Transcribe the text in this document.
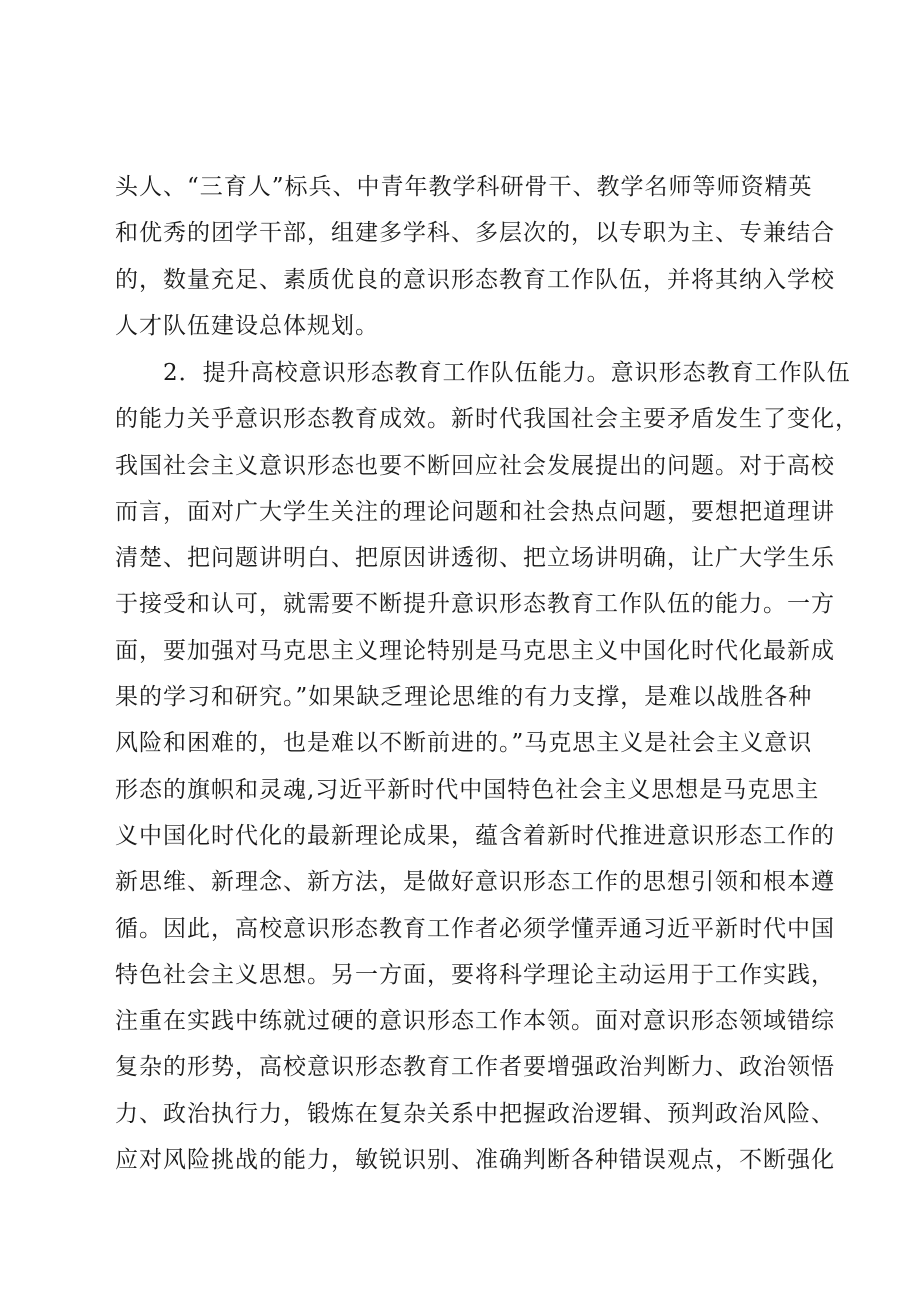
头人、“三育人”标兵、中青年教学科研骨干、教学名师等师资精英
和优秀的团学干部，组建多学科、多层次的，以专职为主、专兼结合
的，数量充足、素质优良的意识形态教育工作队伍，并将其纳入学校
人才队伍建设总体规划。
　　2．提升高校意识形态教育工作队伍能力。意识形态教育工作队伍
的能力关乎意识形态教育成效。新时代我国社会主要矛盾发生了变化，
我国社会主义意识形态也要不断回应社会发展提出的问题。对于高校
而言，面对广大学生关注的理论问题和社会热点问题，要想把道理讲
清楚、把问题讲明白、把原因讲透彻、把立场讲明确，让广大学生乐
于接受和认可，就需要不断提升意识形态教育工作队伍的能力。一方
面，要加强对马克思主义理论特别是马克思主义中国化时代化最新成
果的学习和研究。”如果缺乏理论思维的有力支撑，是难以战胜各种
风险和困难的，也是难以不断前进的。”马克思主义是社会主义意识
形态的旗帜和灵魂,习近平新时代中国特色社会主义思想是马克思主
义中国化时代化的最新理论成果，蕴含着新时代推进意识形态工作的
新思维、新理念、新方法，是做好意识形态工作的思想引领和根本遵
循。因此，高校意识形态教育工作者必须学懂弄通习近平新时代中国
特色社会主义思想。另一方面，要将科学理论主动运用于工作实践，
注重在实践中练就过硬的意识形态工作本领。面对意识形态领域错综
复杂的形势，高校意识形态教育工作者要增强政治判断力、政治领悟
力、政治执行力，锻炼在复杂关系中把握政治逻辑、预判政治风险、
应对风险挑战的能力，敏锐识别、准确判断各种错误观点，不断强化
